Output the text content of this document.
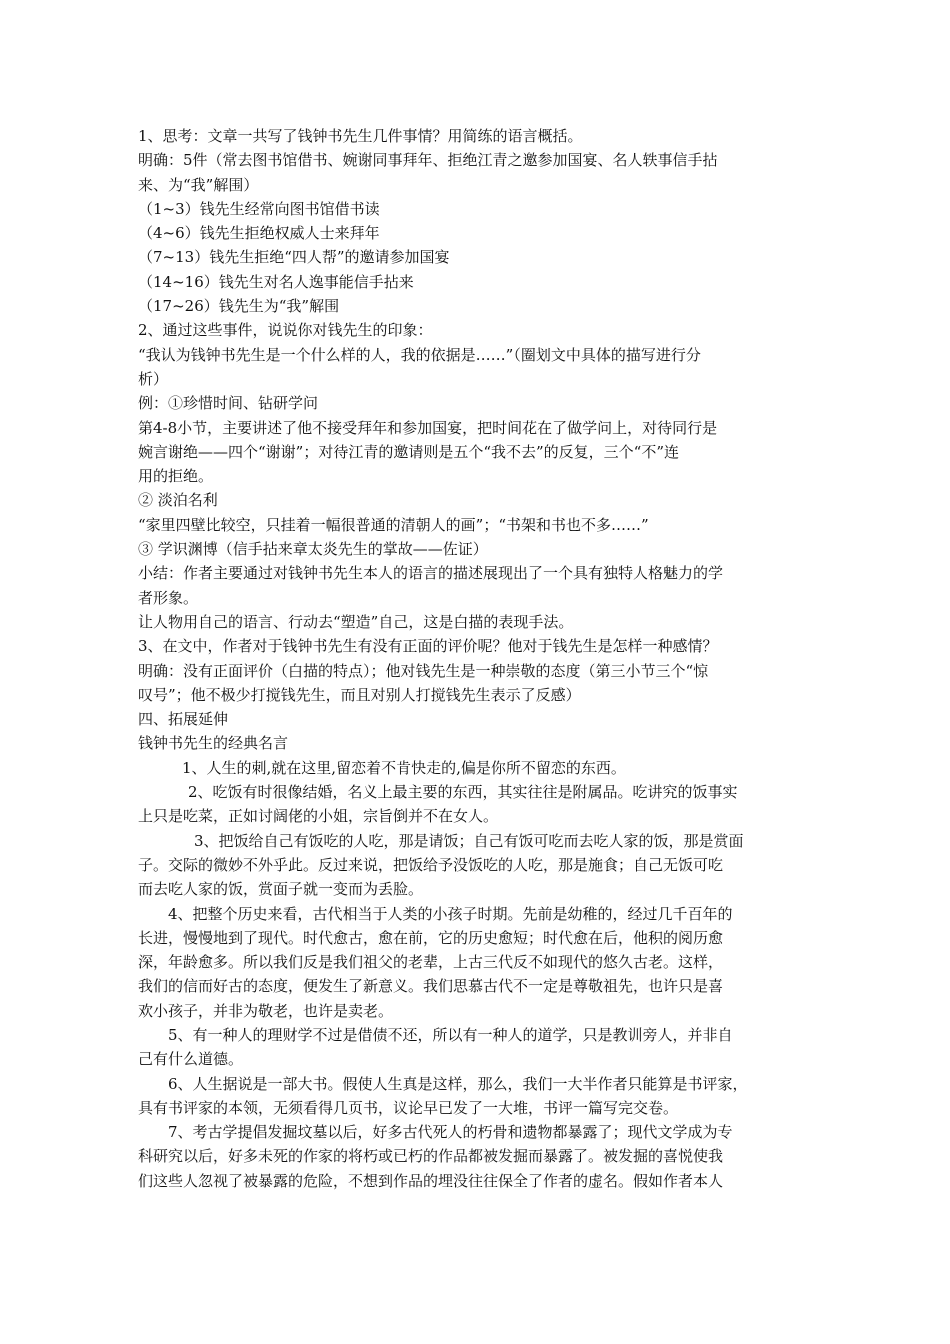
1、思考：文章一共写了钱钟书先生几件事情？用简练的语言概括。
明确：5件（常去图书馆借书、婉谢同事拜年、拒绝江青之邀参加国宴、名人轶事信手拈
来、为“我”解围）
（1~3）钱先生经常向图书馆借书读
（4~6）钱先生拒绝权威人士来拜年
（7~13）钱先生拒绝“四人帮”的邀请参加国宴
（14~16）钱先生对名人逸事能信手拈来
（17~26）钱先生为“我”解围
2、通过这些事件，说说你对钱先生的印象：
“我认为钱钟书先生是一个什么样的人，我的依据是……”（圈划文中具体的描写进行分
析）
例：①珍惜时间、钻研学问
第4-8小节，主要讲述了他不接受拜年和参加国宴，把时间花在了做学问上，对待同行是
婉言谢绝——四个“谢谢”；对待江青的邀请则是五个“我不去”的反复，三个“不”连
用的拒绝。
② 淡泊名利
“家里四壁比较空，只挂着一幅很普通的清朝人的画”；“书架和书也不多……”
③ 学识渊博（信手拈来章太炎先生的掌故——佐证）
小结：作者主要通过对钱钟书先生本人的语言的描述展现出了一个具有独特人格魅力的学
者形象。
让人物用自己的语言、行动去“塑造”自己，这是白描的表现手法。
3、在文中，作者对于钱钟书先生有没有正面的评价呢？他对于钱先生是怎样一种感情？
明确：没有正面评价（白描的特点）；他对钱先生是一种崇敬的态度（第三小节三个“惊
叹号”；他不极少打搅钱先生，而且对别人打搅钱先生表示了反感）
四、拓展延伸
钱钟书先生的经典名言
1、人生的刺,就在这里,留恋着不肯快走的,偏是你所不留恋的东西。
2、吃饭有时很像结婚，名义上最主要的东西，其实往往是附属品。吃讲究的饭事实
上只是吃菜，正如讨阔佬的小姐，宗旨倒并不在女人。
3、把饭给自己有饭吃的人吃，那是请饭；自己有饭可吃而去吃人家的饭，那是赏面
子。交际的微妙不外乎此。反过来说，把饭给予没饭吃的人吃，那是施食；自己无饭可吃
而去吃人家的饭，赏面子就一变而为丢脸。
4、把整个历史来看，古代相当于人类的小孩子时期。先前是幼稚的，经过几千百年的
长进，慢慢地到了现代。时代愈古，愈在前，它的历史愈短；时代愈在后，他积的阅历愈
深，年龄愈多。所以我们反是我们祖父的老辈，上古三代反不如现代的悠久古老。这样，
我们的信而好古的态度，便发生了新意义。我们思慕古代不一定是尊敬祖先，也许只是喜
欢小孩子，并非为敬老，也许是卖老。
5、有一种人的理财学不过是借债不还，所以有一种人的道学，只是教训旁人，并非自
己有什么道德。
6、人生据说是一部大书。假使人生真是这样，那么，我们一大半作者只能算是书评家，
具有书评家的本领，无须看得几页书，议论早已发了一大堆，书评一篇写完交卷。
7、考古学提倡发掘坟墓以后，好多古代死人的朽骨和遗物都暴露了；现代文学成为专
科研究以后，好多未死的作家的将朽或已朽的作品都被发掘而暴露了。被发掘的喜悦使我
们这些人忽视了被暴露的危险，不想到作品的埋没往往保全了作者的虚名。假如作者本人
